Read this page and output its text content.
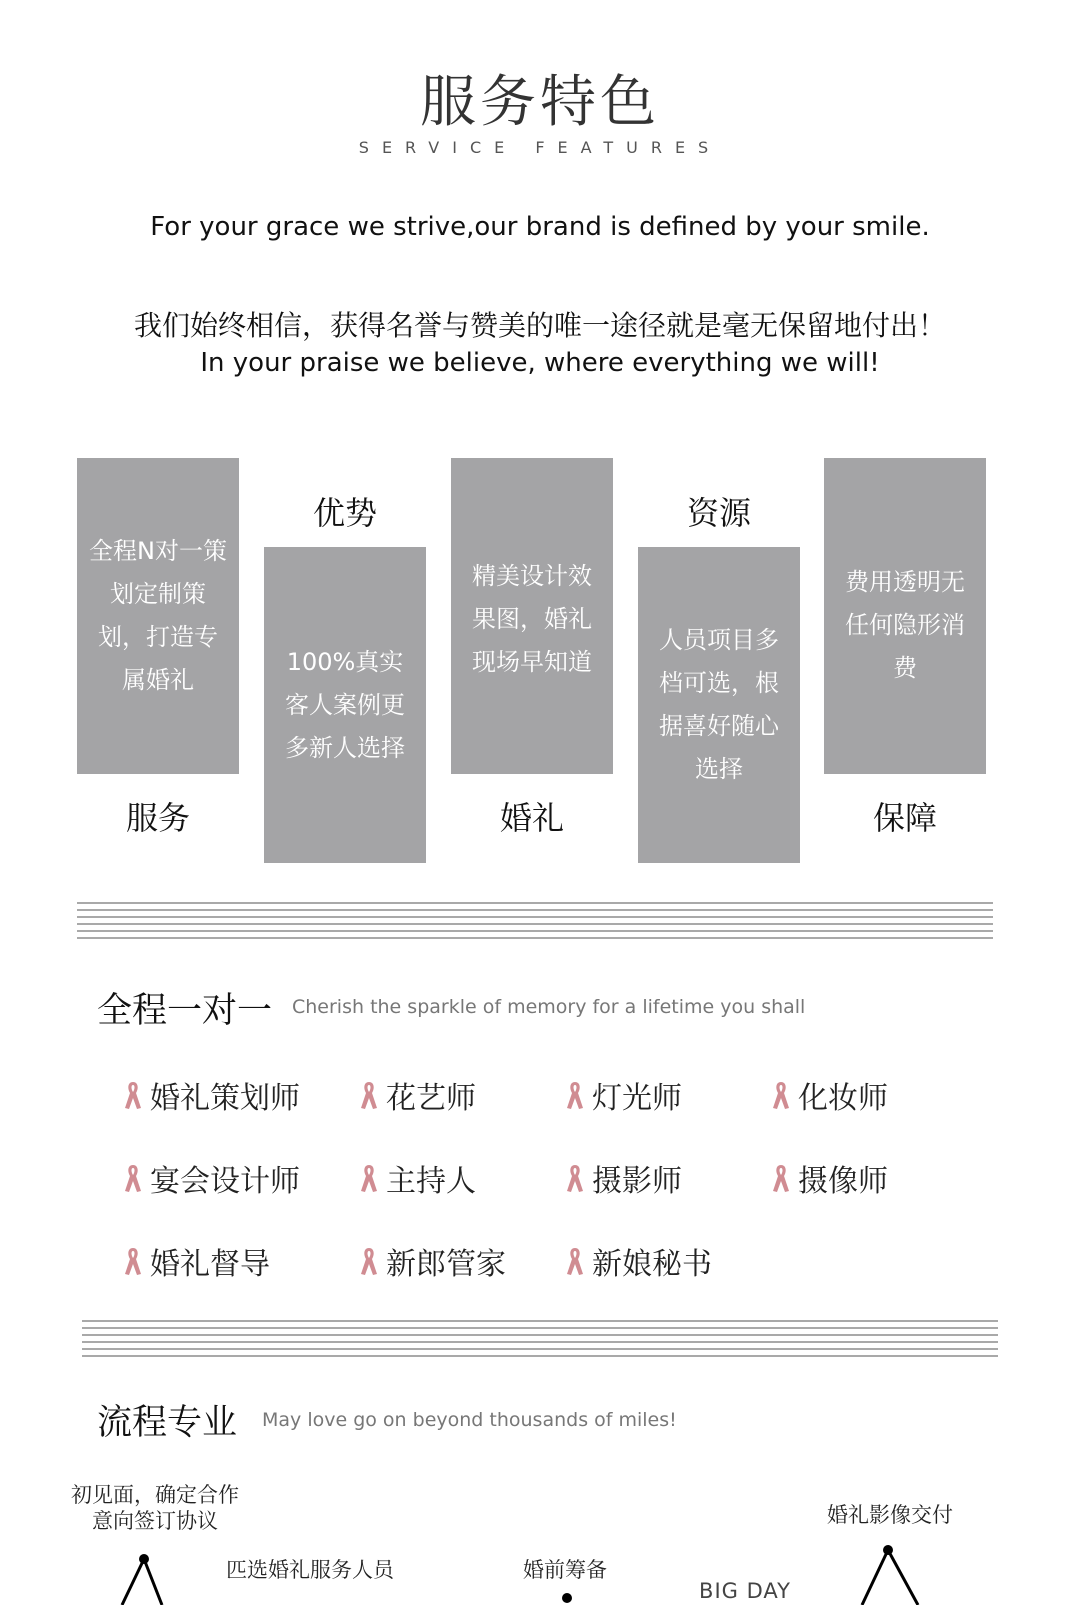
服务特色
SERVICE FEATURES
For your grace we strive,our brand is defined by your smile.
我们始终相信，获得名誉与赞美的唯一途径就是毫无保留地付出！
In your praise we believe, where everything we will!
全程N对一策划定制策划，打造专属婚礼
服务
优势
100%真实客人案例更多新人选择
精美设计效果图，婚礼现场早知道
婚礼
资源
人员项目多档可选，根据喜好随心选择
费用透明无任何隐形消费
保障
全程一对一 Cherish the sparkle of memory for a lifetime you shall
婚礼策划师	花艺师	灯光师	化妆师
宴会设计师	主持人	摄影师	摄像师
婚礼督导	新郎管家	新娘秘书
流程专业 May love go on beyond thousands of miles!
初见面，确定合作
意向签订协议
匹选婚礼服务人员	婚前筹备
BIG DAY
婚礼影像交付
